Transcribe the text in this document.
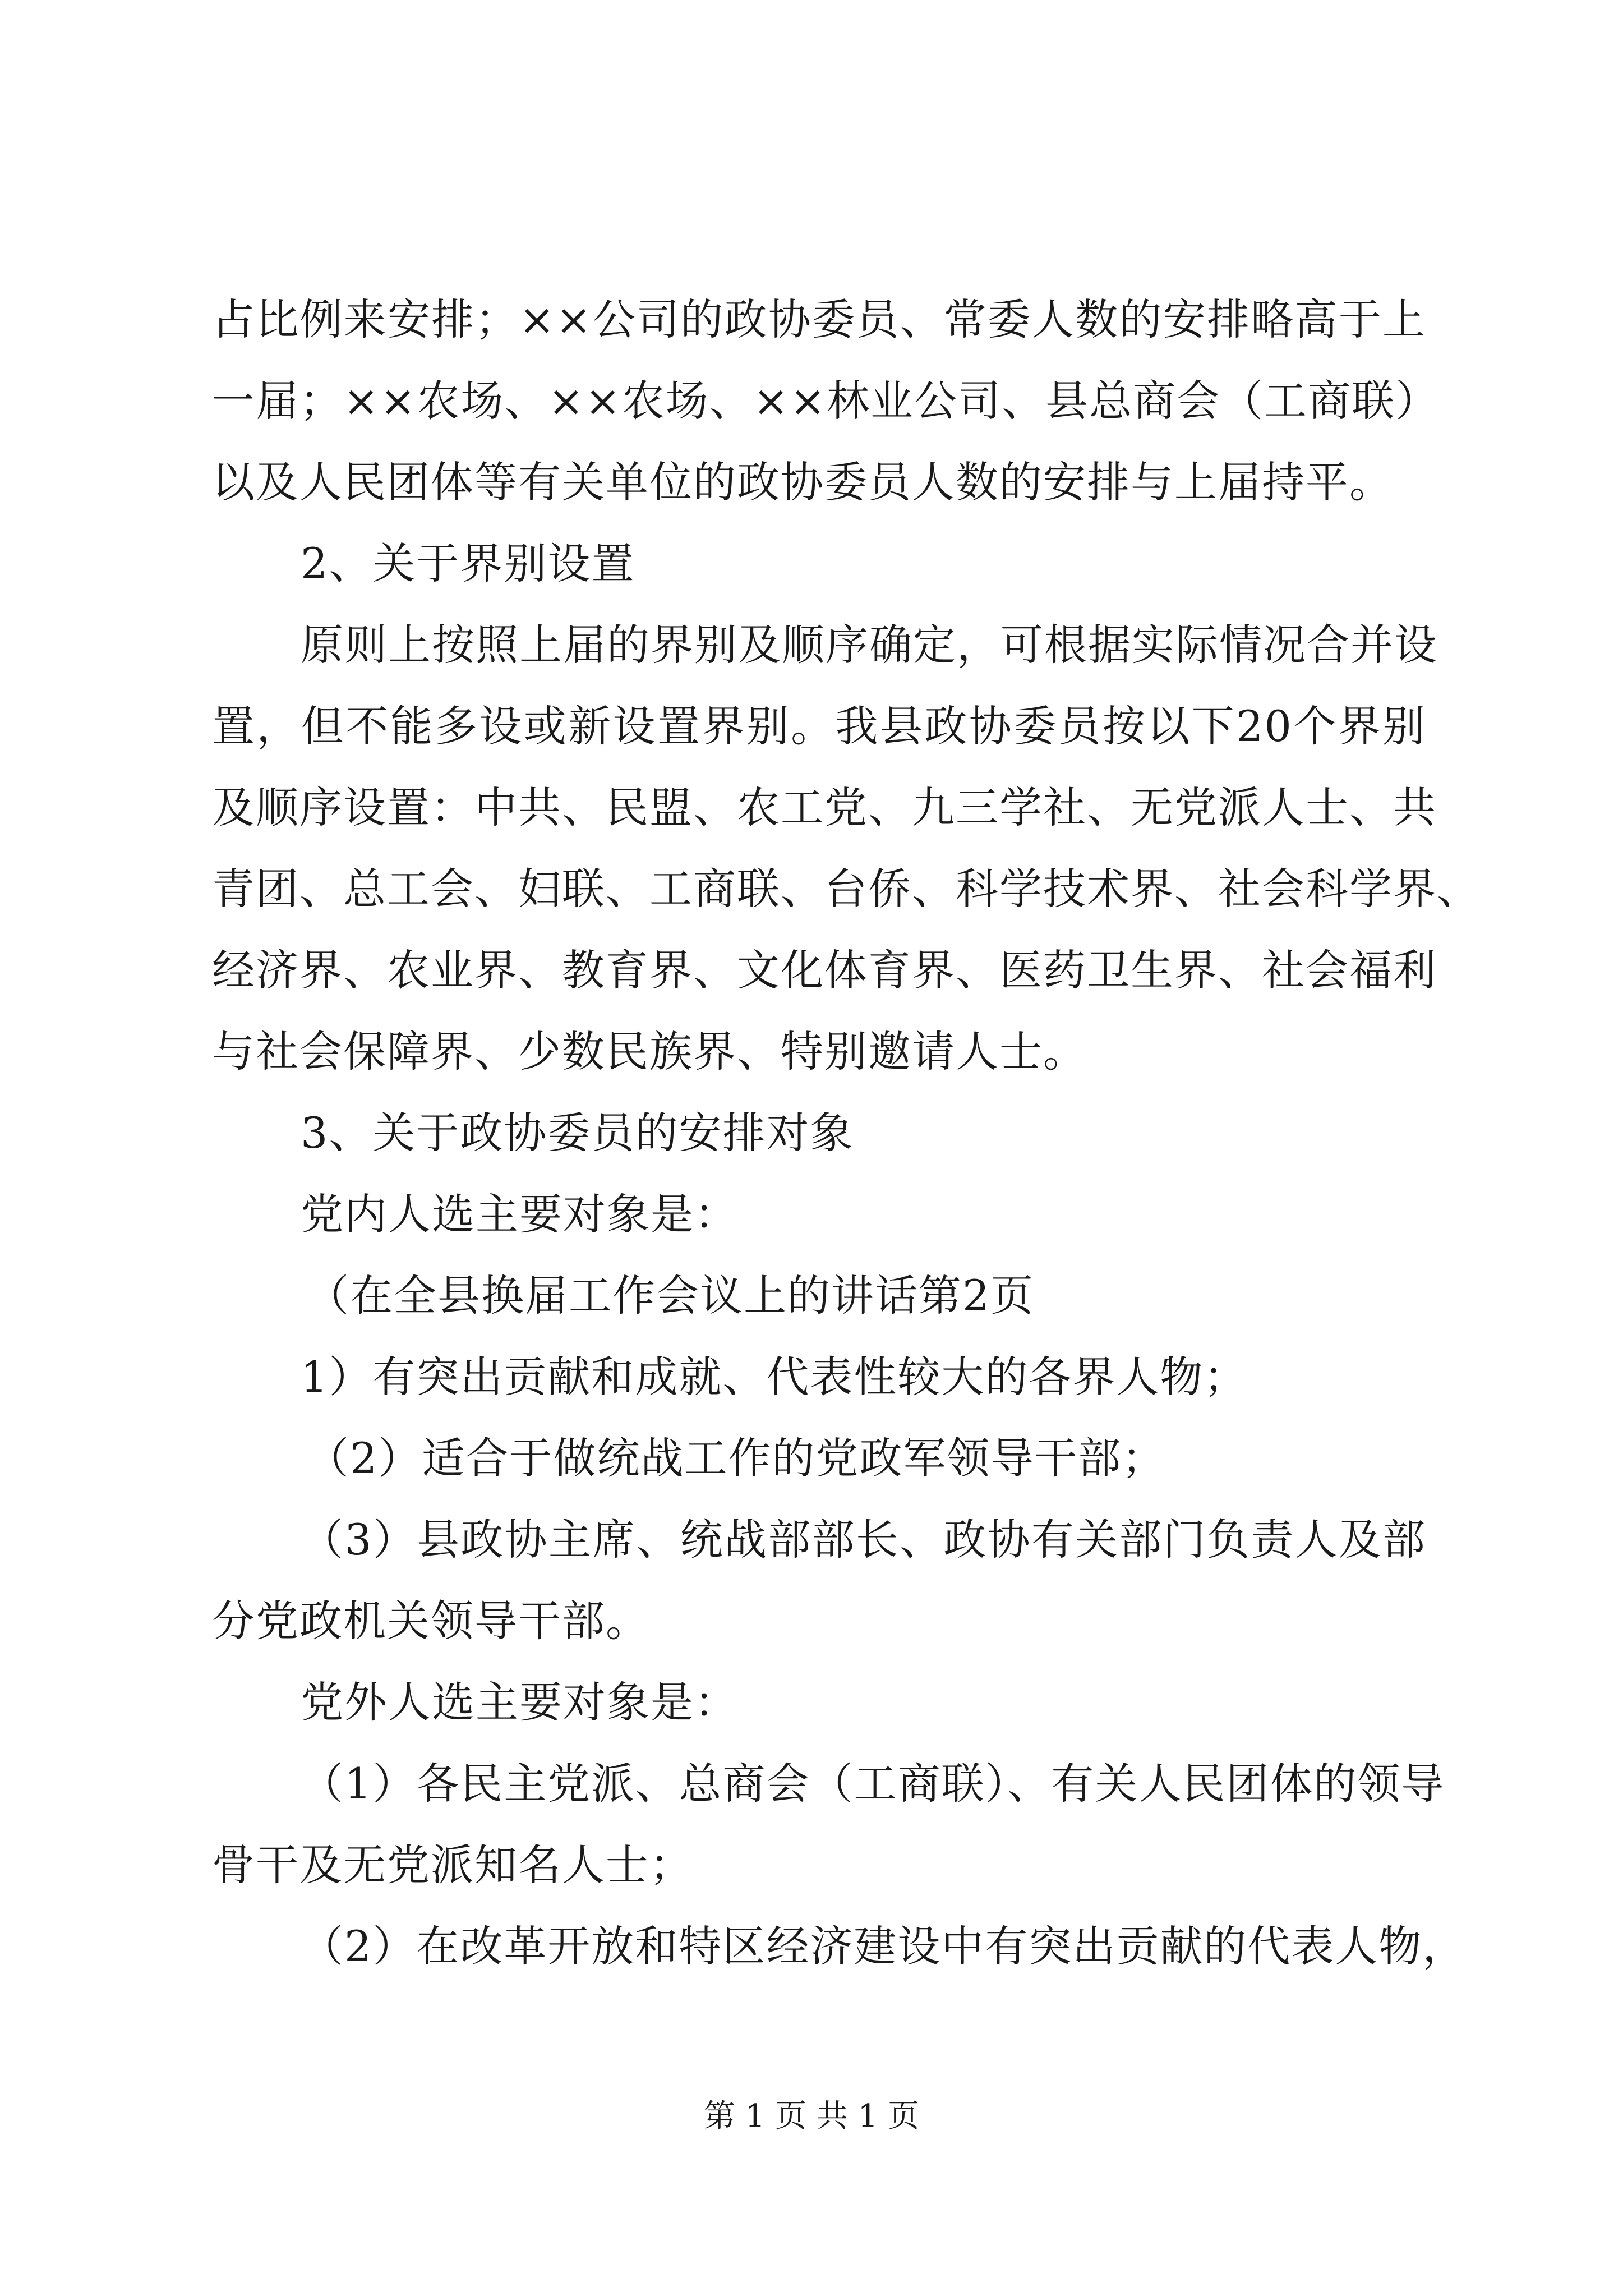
占比例来安排；××公司的政协委员、常委人数的安排略高于上
一届；××农场、××农场、××林业公司、县总商会（工商联）
以及人民团体等有关单位的政协委员人数的安排与上届持平。
2、关于界别设置
原则上按照上届的界别及顺序确定，可根据实际情况合并设
置，但不能多设或新设置界别。我县政协委员按以下20个界别
及顺序设置：中共、民盟、农工党、九三学社、无党派人士、共
青团、总工会、妇联、工商联、台侨、科学技术界、社会科学界、
经济界、农业界、教育界、文化体育界、医药卫生界、社会福利
与社会保障界、少数民族界、特别邀请人士。
3、关于政协委员的安排对象
党内人选主要对象是：
（在全县换届工作会议上的讲话第2页
1）有突出贡献和成就、代表性较大的各界人物；
（2）适合于做统战工作的党政军领导干部；
（3）县政协主席、统战部部长、政协有关部门负责人及部
分党政机关领导干部。
党外人选主要对象是：
（1）各民主党派、总商会（工商联）、有关人民团体的领导
骨干及无党派知名人士；
（2）在改革开放和特区经济建设中有突出贡献的代表人物，
第 1 页 共 1 页
